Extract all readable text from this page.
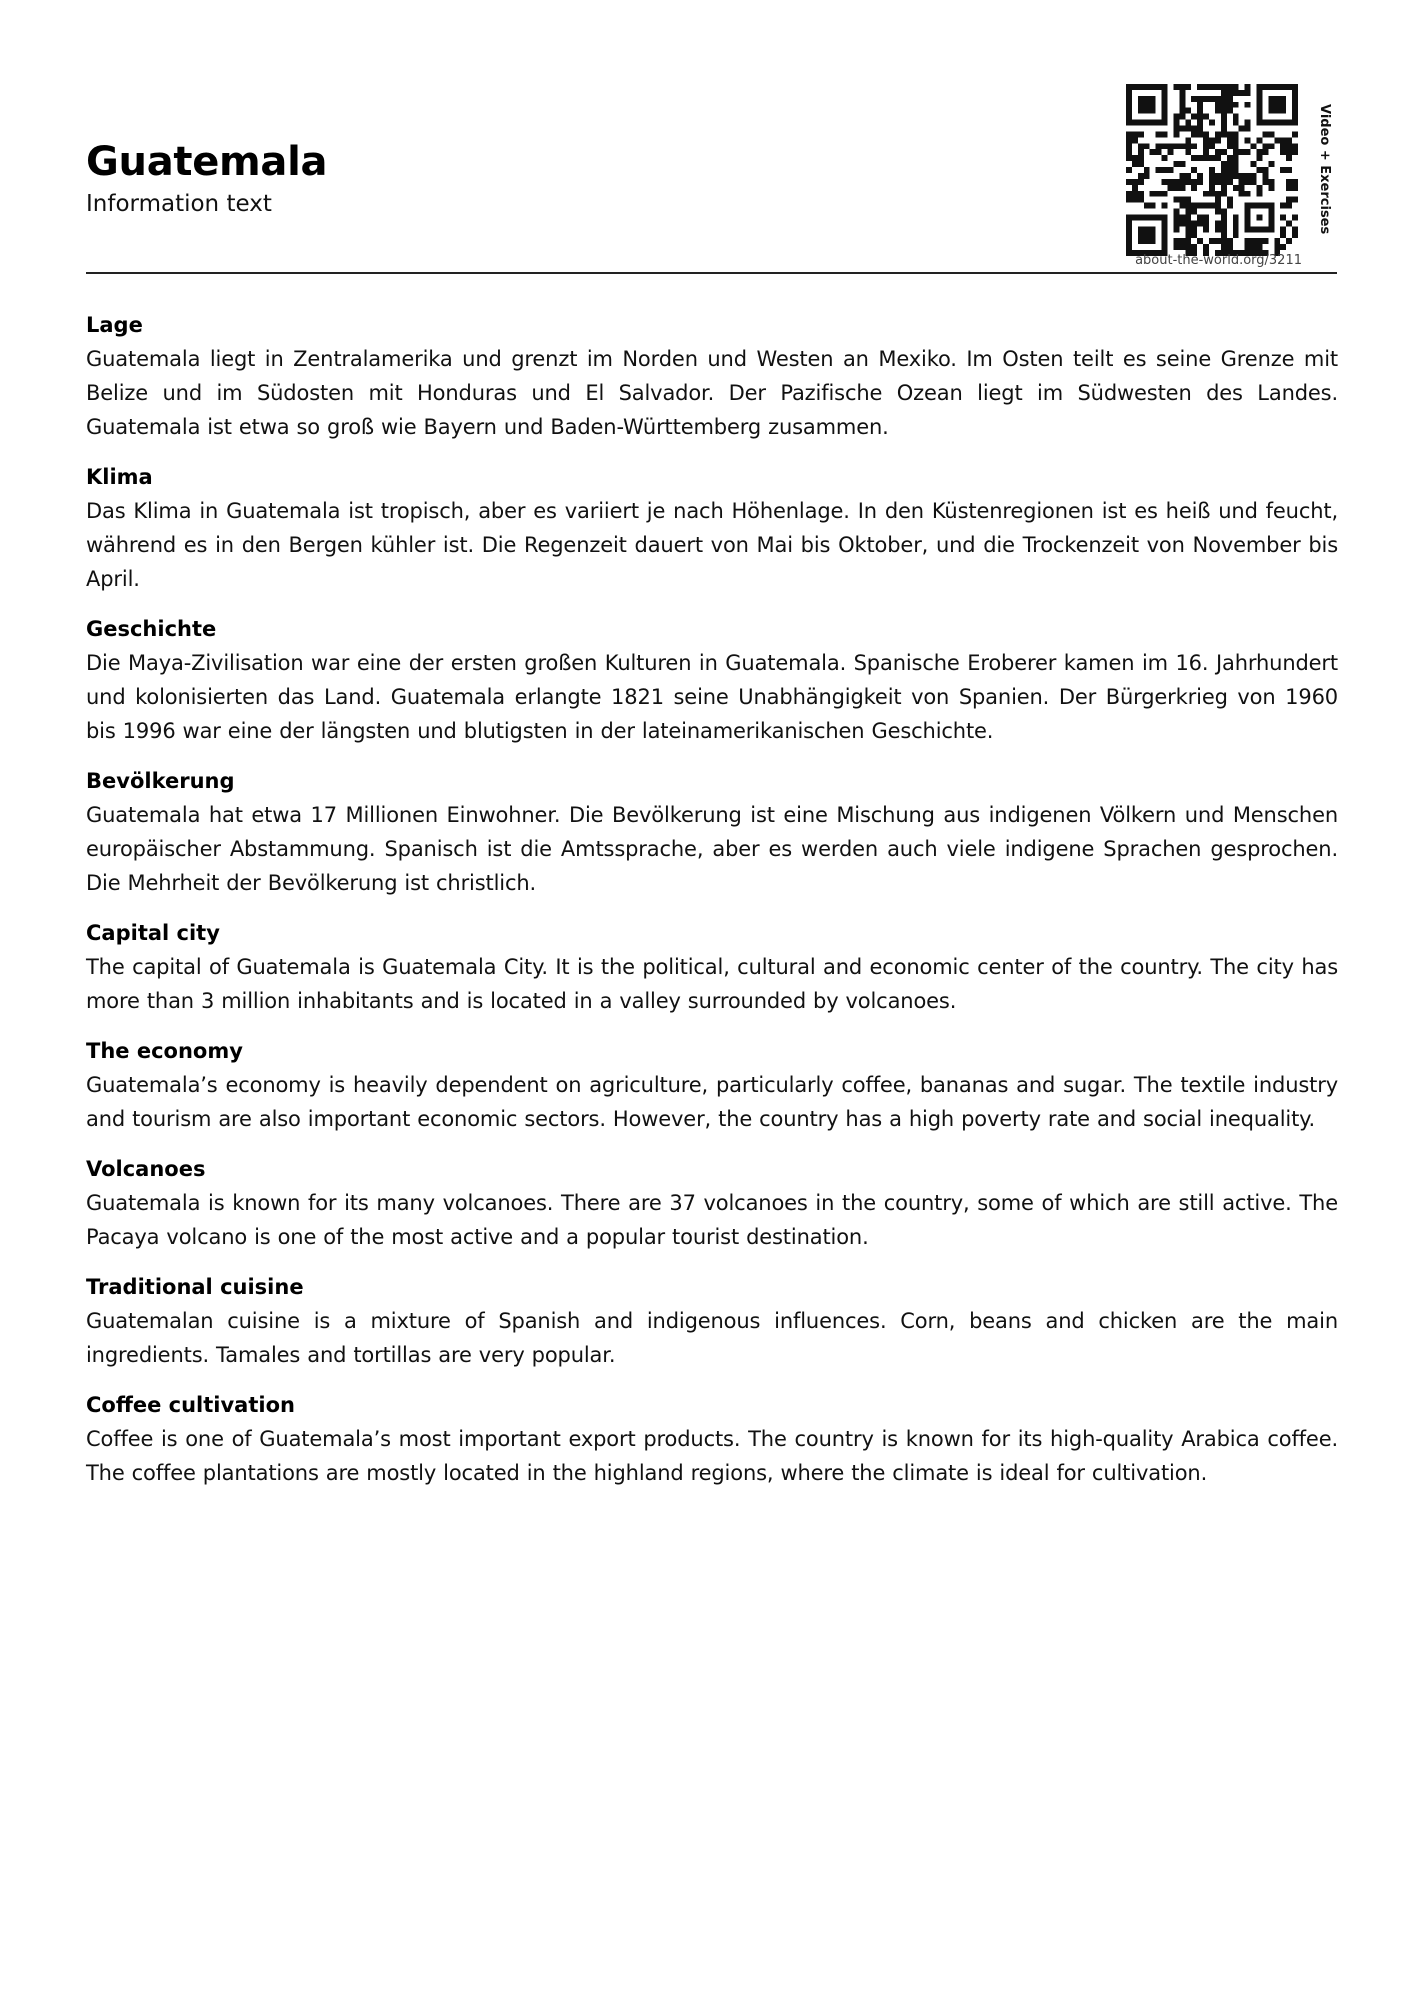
Guatemala
Information text	Video + Exercises
about-the-world.org/3211
Lage

Guatemala liegt in Zentralamerika und grenzt im Norden und Westen an Mexiko. Im Osten teilt es seine Grenze mit Belize und im Südosten mit Honduras und El Salvador. Der Pazifische Ozean liegt im Südwesten des Landes. Guatemala ist etwa so groß wie Bayern und Baden-Württemberg zusammen.

Klima

Das Klima in Guatemala ist tropisch, aber es variiert je nach Höhenlage. In den Küstenregionen ist es heiß und feucht, während es in den Bergen kühler ist. Die Regenzeit dauert von Mai bis Oktober, und die Trockenzeit von November bis April.

Geschichte

Die Maya-Zivilisation war eine der ersten großen Kulturen in Guatemala. Spanische Eroberer kamen im 16. Jahrhundert und kolonisierten das Land. Guatemala erlangte 1821 seine Unabhängigkeit von Spanien. Der Bürgerkrieg von 1960 bis 1996 war eine der längsten und blutigsten in der lateinamerikanischen Geschichte.

Bevölkerung

Guatemala hat etwa 17 Millionen Einwohner. Die Bevölkerung ist eine Mischung aus indigenen Völkern und Menschen europäischer Abstammung. Spanisch ist die Amtssprache, aber es werden auch viele indigene Sprachen gesprochen. Die Mehrheit der Bevölkerung ist christlich.

Capital city

The capital of Guatemala is Guatemala City. It is the political, cultural and economic center of the country. The city has more than 3 million inhabitants and is located in a valley surrounded by volcanoes.

The economy

Guatemala’s economy is heavily dependent on agriculture, particularly coffee, bananas and sugar. The textile industry and tourism are also important economic sectors. However, the country has a high poverty rate and social inequality.

Volcanoes

Guatemala is known for its many volcanoes. There are 37 volcanoes in the country, some of which are still active. The Pacaya volcano is one of the most active and a popular tourist destination.

Traditional cuisine

Guatemalan cuisine is a mixture of Spanish and indigenous influences. Corn, beans and chicken are the main ingredients. Tamales and tortillas are very popular.

Coffee cultivation

Coffee is one of Guatemala’s most important export products. The country is known for its high-quality Arabica coffee. The coffee plantations are mostly located in the highland regions, where the climate is ideal for cultivation.
